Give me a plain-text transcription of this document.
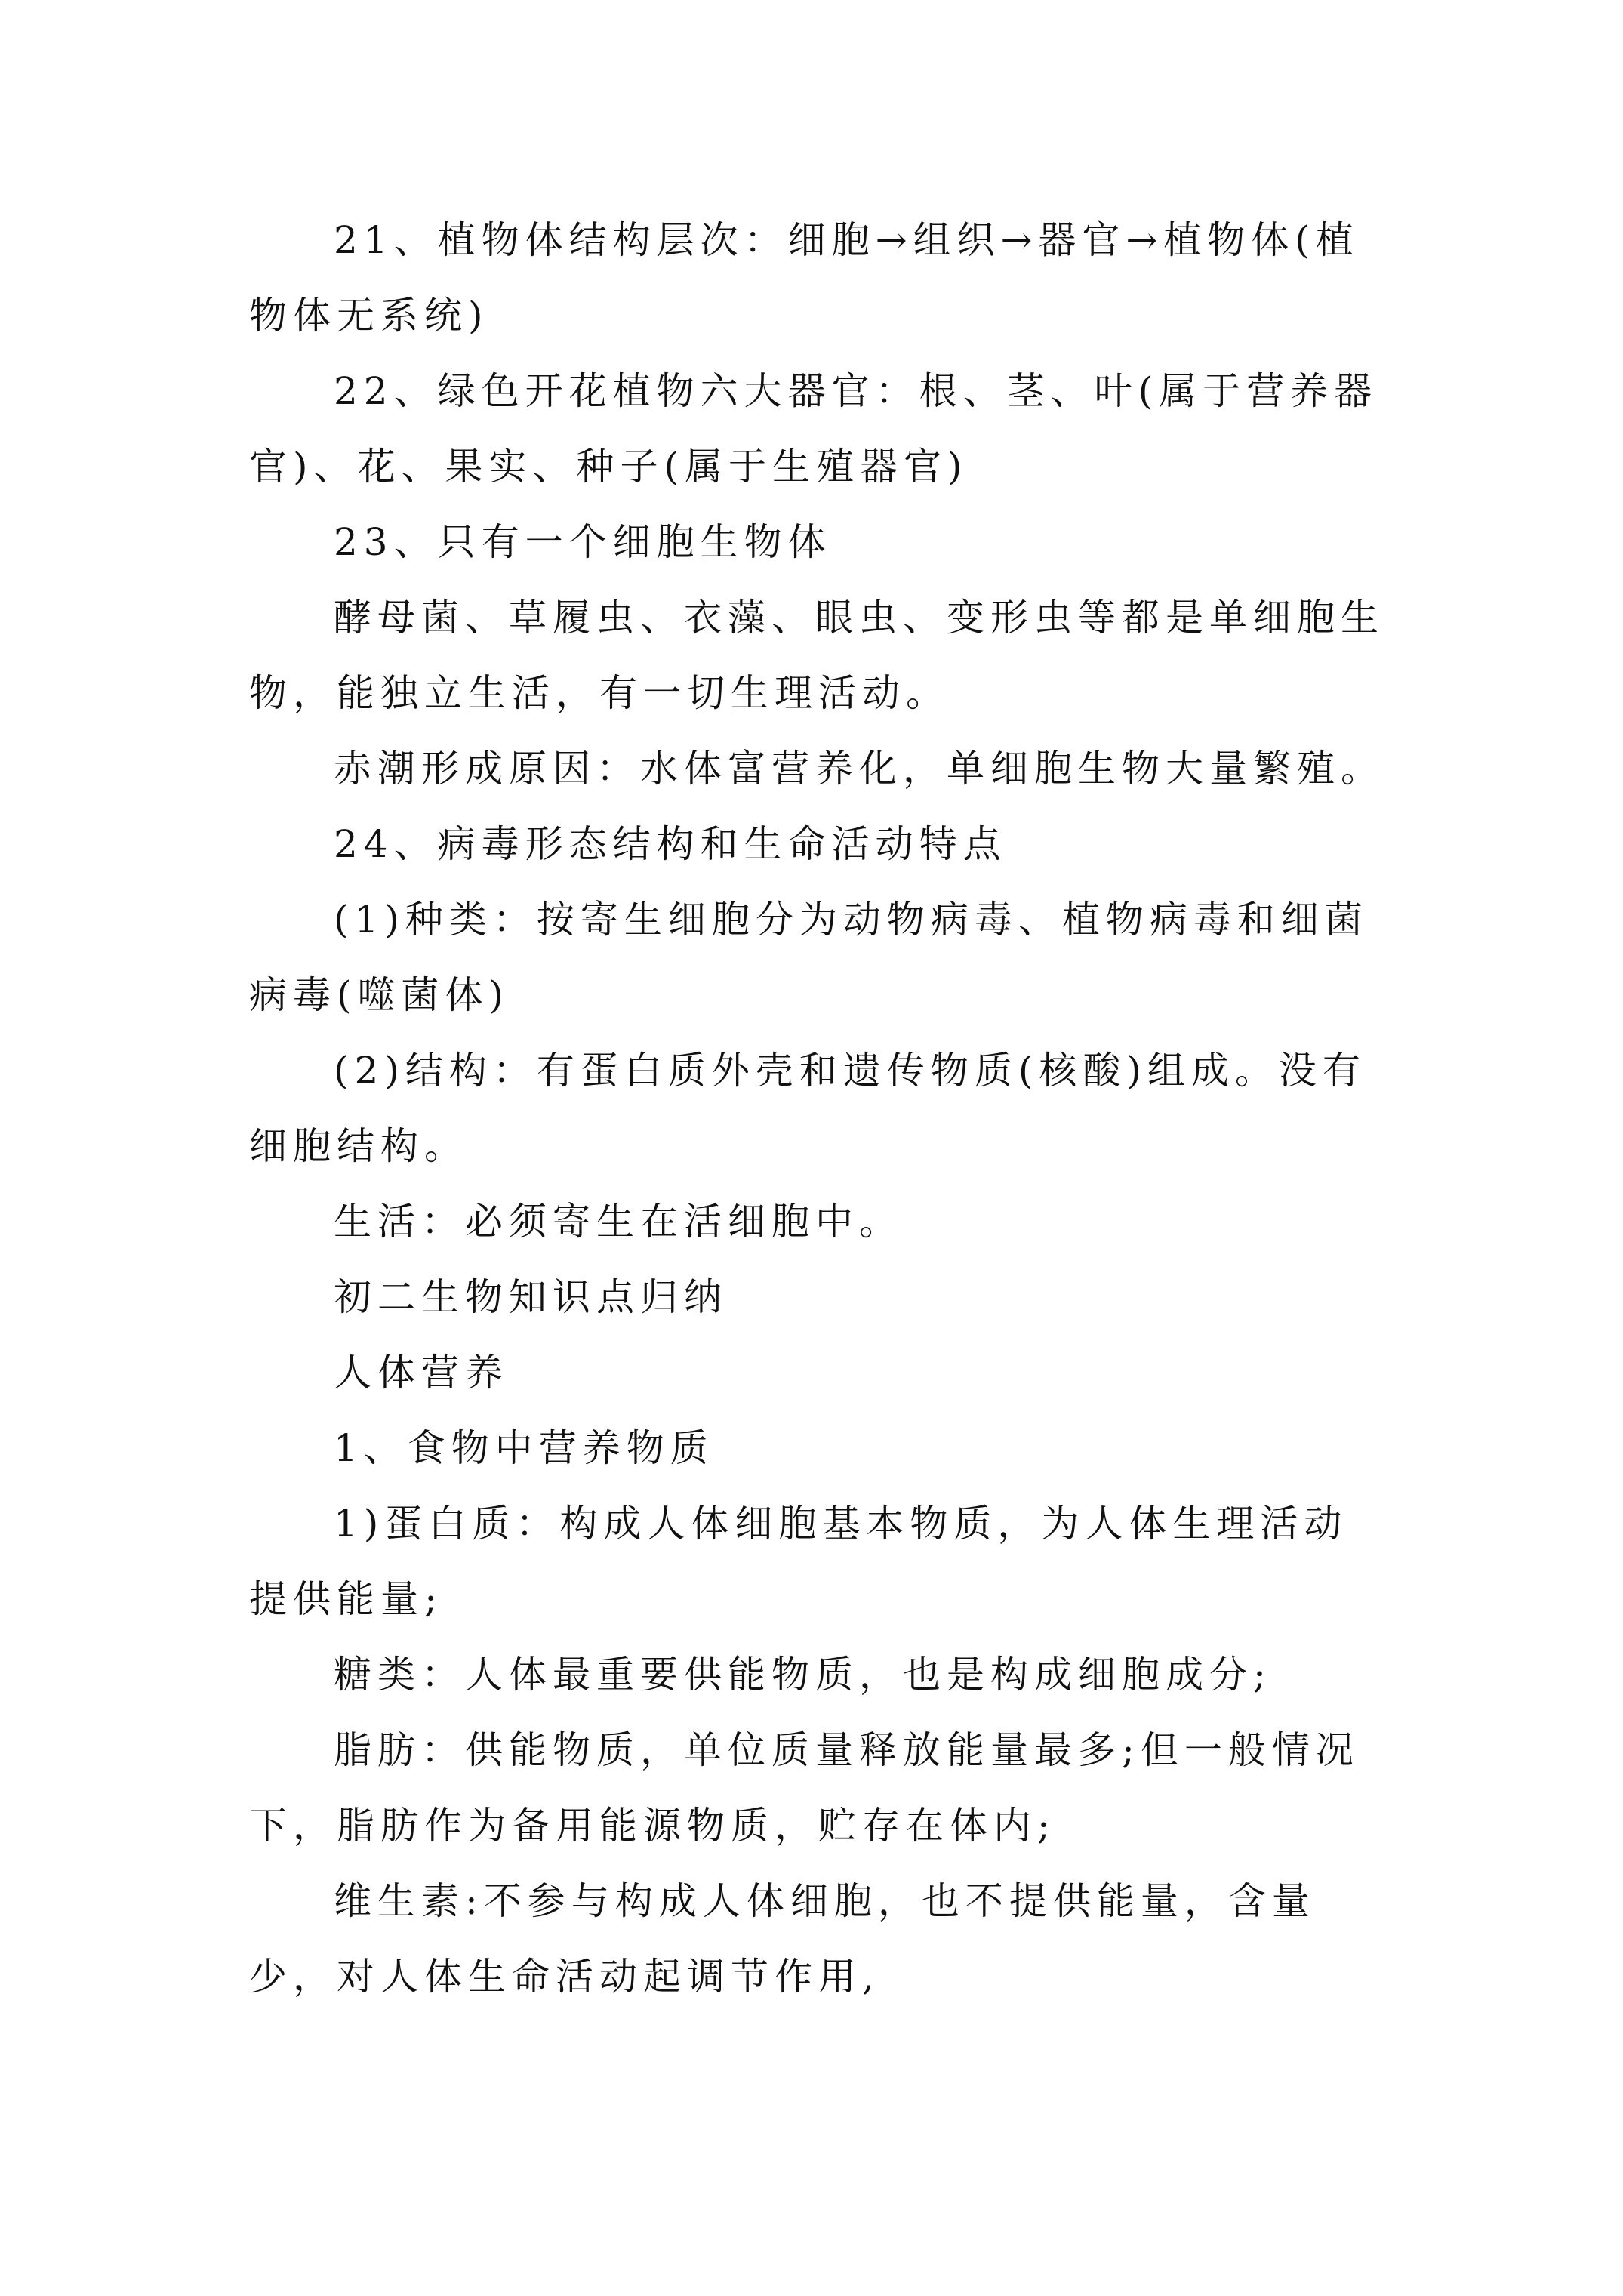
21、植物体结构层次：细胞→组织→器官→植物体(植物体无系统)

22、绿色开花植物六大器官：根、茎、叶(属于营养器官)、花、果实、种子(属于生殖器官)

23、只有一个细胞生物体

酵母菌、草履虫、衣藻、眼虫、变形虫等都是单细胞生物，能独立生活，有一切生理活动。

赤潮形成原因：水体富营养化，单细胞生物大量繁殖。

24、病毒形态结构和生命活动特点

(1)种类：按寄生细胞分为动物病毒、植物病毒和细菌病毒(噬菌体)

(2)结构：有蛋白质外壳和遗传物质(核酸)组成。没有细胞结构。

生活：必须寄生在活细胞中。

初二生物知识点归纳

人体营养

1、食物中营养物质

1)蛋白质：构成人体细胞基本物质，为人体生理活动提供能量;

糖类：人体最重要供能物质，也是构成细胞成分;

脂肪：供能物质，单位质量释放能量最多;但一般情况下，脂肪作为备用能源物质，贮存在体内;

维生素:不参与构成人体细胞，也不提供能量，含量少，对人体生命活动起调节作用,
